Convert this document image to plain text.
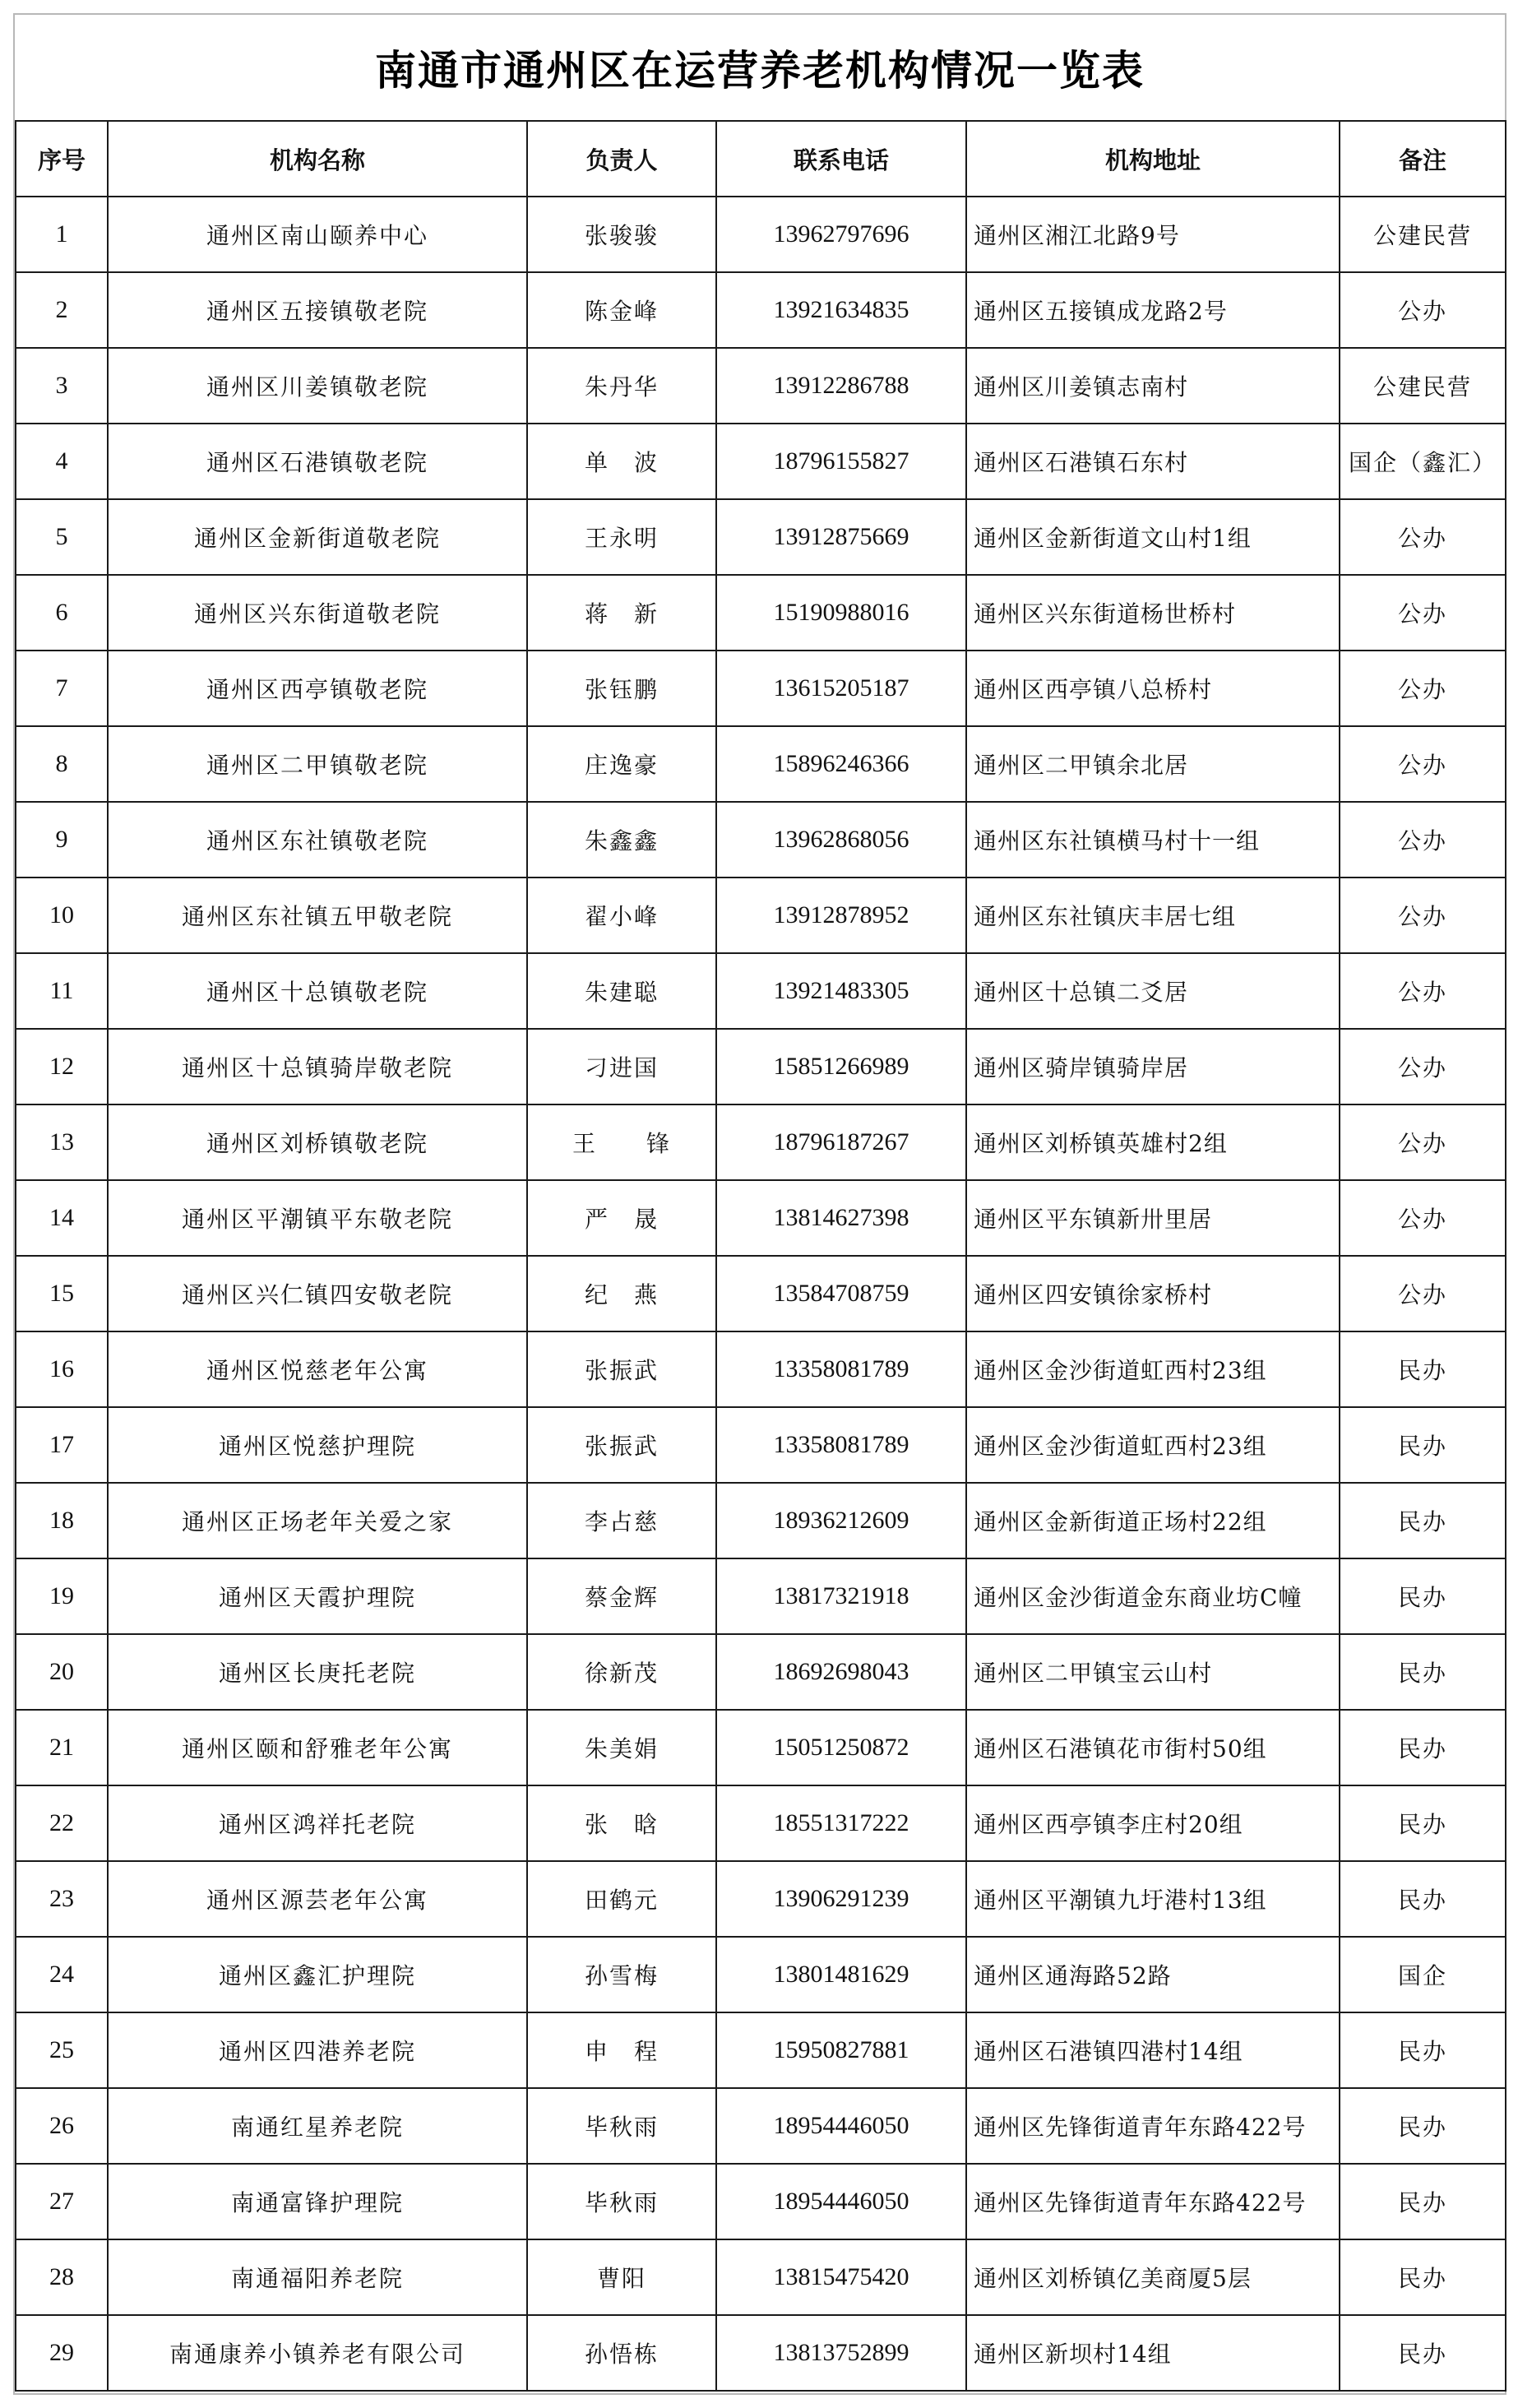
南通市通州区在运营养老机构情况一览表
序号	机构名称	负责人	联系电话	机构地址	备注
1	通州区南山颐养中心	张骏骏	13962797696	通州区湘江北路9号	公建民营
2	通州区五接镇敬老院	陈金峰	13921634835	通州区五接镇成龙路2号	公办
3	通州区川姜镇敬老院	朱丹华	13912286788	通州区川姜镇志南村	公建民营
4	通州区石港镇敬老院	单　波	18796155827	通州区石港镇石东村	国企（鑫汇）
5	通州区金新街道敬老院	王永明	13912875669	通州区金新街道文山村1组	公办
6	通州区兴东街道敬老院	蒋　新	15190988016	通州区兴东街道杨世桥村	公办
7	通州区西亭镇敬老院	张钰鹏	13615205187	通州区西亭镇八总桥村	公办
8	通州区二甲镇敬老院	庄逸豪	15896246366	通州区二甲镇余北居	公办
9	通州区东社镇敬老院	朱鑫鑫	13962868056	通州区东社镇横马村十一组	公办
10	通州区东社镇五甲敬老院	翟小峰	13912878952	通州区东社镇庆丰居七组	公办
11	通州区十总镇敬老院	朱建聪	13921483305	通州区十总镇二爻居	公办
12	通州区十总镇骑岸敬老院	刁进国	15851266989	通州区骑岸镇骑岸居	公办
13	通州区刘桥镇敬老院	王　　锋	18796187267	通州区刘桥镇英雄村2组	公办
14	通州区平潮镇平东敬老院	严　晟	13814627398	通州区平东镇新卅里居	公办
15	通州区兴仁镇四安敬老院	纪　燕	13584708759	通州区四安镇徐家桥村	公办
16	通州区悦慈老年公寓	张振武	13358081789	通州区金沙街道虹西村23组	民办
17	通州区悦慈护理院	张振武	13358081789	通州区金沙街道虹西村23组	民办
18	通州区正场老年关爱之家	李占慈	18936212609	通州区金新街道正场村22组	民办
19	通州区天霞护理院	蔡金辉	13817321918	通州区金沙街道金东商业坊C幢	民办
20	通州区长庚托老院	徐新茂	18692698043	通州区二甲镇宝云山村	民办
21	通州区颐和舒雅老年公寓	朱美娟	15051250872	通州区石港镇花市街村50组	民办
22	通州区鸿祥托老院	张　晗	18551317222	通州区西亭镇李庄村20组	民办
23	通州区源芸老年公寓	田鹤元	13906291239	通州区平潮镇九圩港村13组	民办
24	通州区鑫汇护理院	孙雪梅	13801481629	通州区通海路52路	国企
25	通州区四港养老院	申　程	15950827881	通州区石港镇四港村14组	民办
26	南通红星养老院	毕秋雨	18954446050	通州区先锋街道青年东路422号	民办
27	南通富锋护理院	毕秋雨	18954446050	通州区先锋街道青年东路422号	民办
28	南通福阳养老院	曹阳	13815475420	通州区刘桥镇亿美商厦5层	民办
29	南通康养小镇养老有限公司	孙悟栋	13813752899	通州区新坝村14组	民办
